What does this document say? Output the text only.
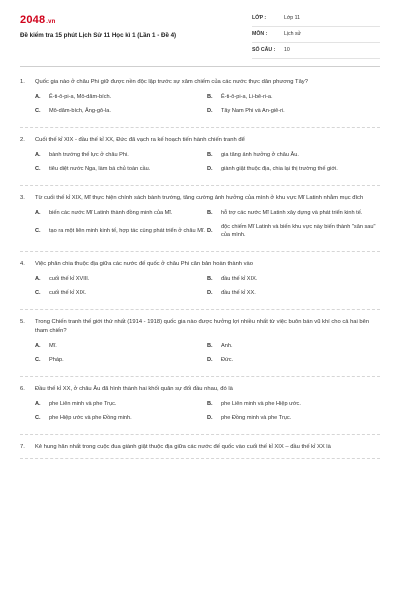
2048.vn
Đề kiểm tra 15 phút Lịch Sử 11 Học kì 1 (Lần 1 - Đề 4)
LỚP :	Lớp 11
MÔN :	Lịch sử
SỐ CÂU : 10
1. Quốc gia nào ở châu Phi giữ được nền độc lập trước sự xâm chiếm của các nước thực dân phương Tây?
A.	Ê-ti-ô-pi-a, Mô-dăm-bích.	B.	Ê-ti-ô-pi-a, Li-bê-ri-a.
C.	Mô-dăm-bích, Ăng-gô-la.	D.	Tây Nam Phi và An-giê-ri.
2. Cuối thế kỉ XIX - đầu thế kỉ XX, Đức đã vạch ra kế hoạch tiến hành chiến tranh để
A.	bành trướng thế lực ở châu Phi.	B.	gia tăng ảnh hưởng ở châu Âu.
C.	tiêu diệt nước Nga, làm bá chủ toàn cầu.	D.	giành giật thuộc địa, chia lại thị trường thế giới.
3. Từ cuối thế kỉ XIX, Mĩ thực hiện chính sách bành trướng, tăng cường ảnh hưởng của mình ở khu vực Mĩ Latinh nhằm mục đích
A.	biến các nước Mĩ Latinh thành đồng minh của Mĩ.	B.	hỗ trợ các nước Mĩ Latinh xây dựng và phát triển kinh tế.
C.	tạo ra một liên minh kinh tế, hợp tác cùng phát triển ở châu Mĩ. D.
độc chiếm Mĩ Latinh và biến khu vực này biến thành "sân sau" của mình.
4. Việc phân chia thuộc địa giữa các nước đế quốc ở châu Phi căn bản hoàn thành vào
A.	cuối thế kỉ XVIII.	B.	đầu thế kỉ XIX.
C.	cuối thế kỉ XIX.	D.	đầu thế kỉ XX.
5. Trong Chiến tranh thế giới thứ nhất (1914 - 1918) quốc gia nào được hưởng lợi nhiều nhất từ việc buôn bán vũ khí cho cả hai bên tham chiến?
A.	Mĩ.	B.	Anh.
C.	Pháp.	D.	Đức.
6. Đầu thế kỉ XX, ở châu Âu đã hình thành hai khối quân sự đối đầu nhau, đó là
A.	phe Liên minh và phe Trục.	B.	phe Liên minh và phe Hiệp ước.
C.	phe Hiệp ước và phe Đồng minh.	D.	phe Đồng minh và phe Trục.
7. Kẻ hung hăn nhất trong cuộc đua giành giật thuộc địa giữa các nước đế quốc vào cuối thế kỉ XIX – đầu thế kỉ XX là
